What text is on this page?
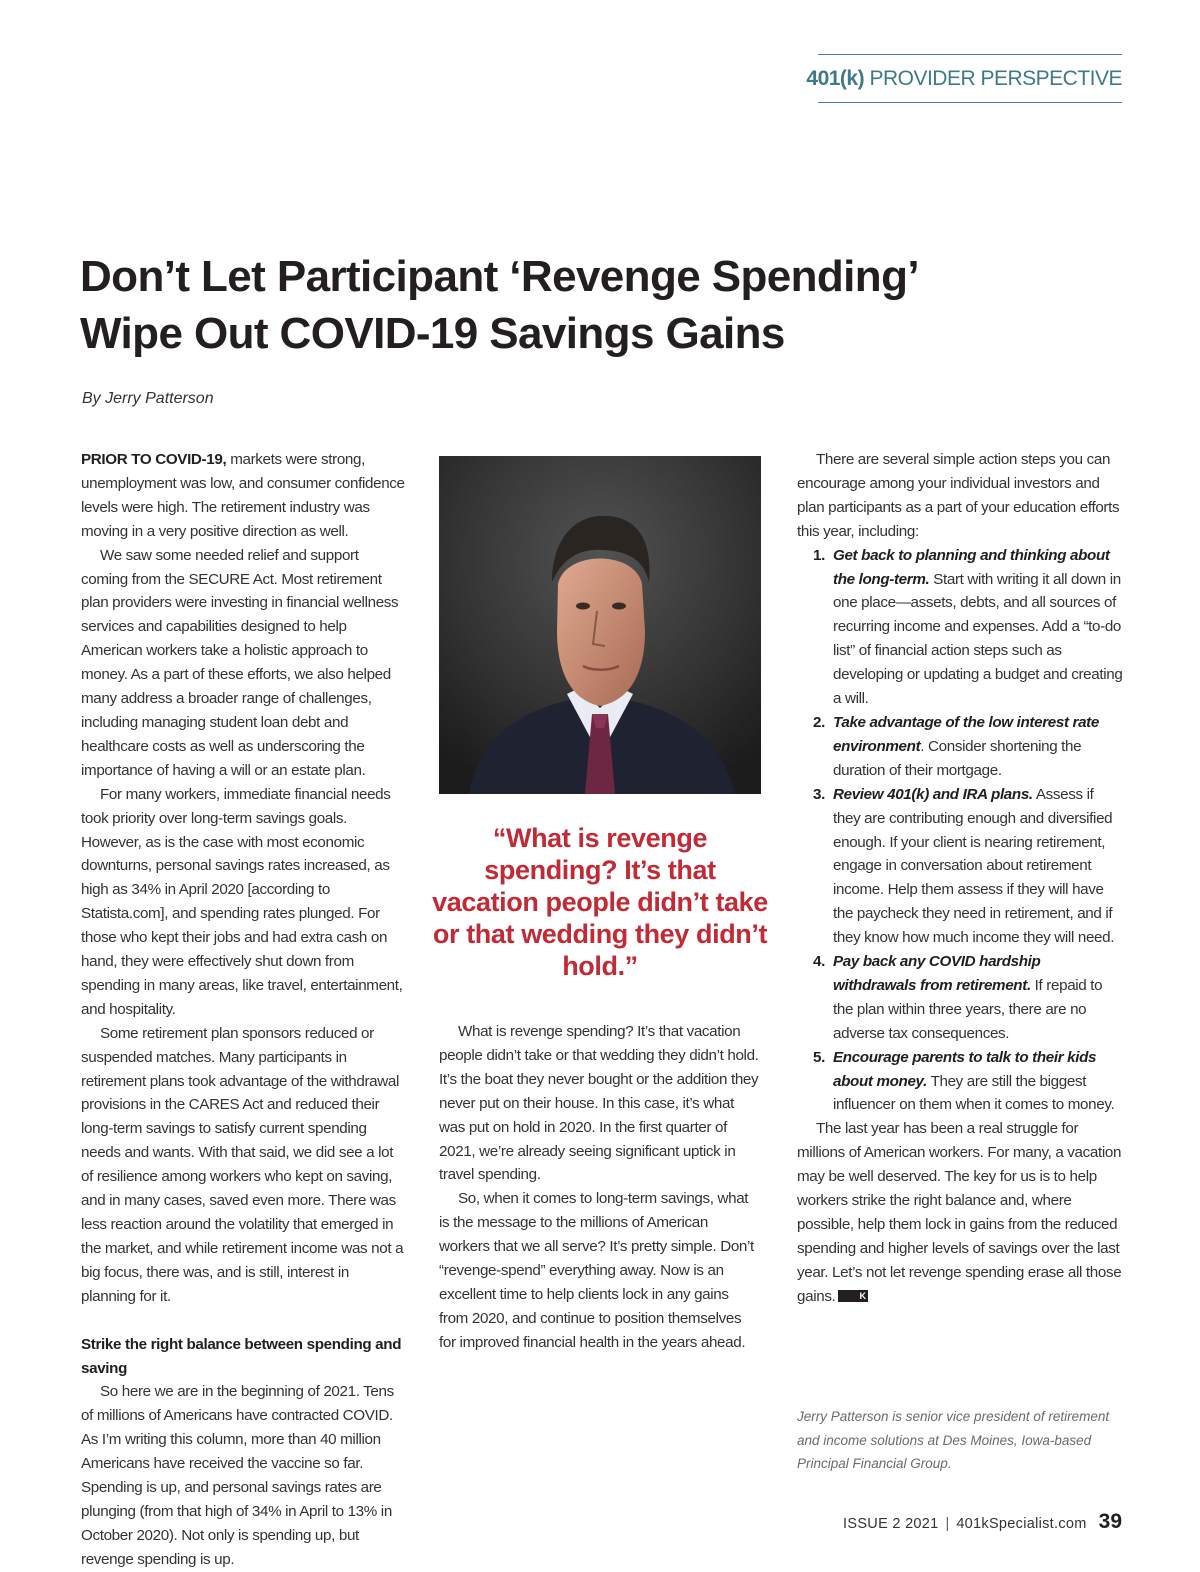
401(k) PROVIDER PERSPECTIVE
Don’t Let Participant ‘Revenge Spending’
Wipe Out COVID-19 Savings Gains
By Jerry Patterson

PRIOR TO COVID-19, markets were strong, unemployment was low, and consumer confidence levels were high. The retirement industry was moving in a very positive direction as well.

We saw some needed relief and support coming from the SECURE Act. Most retirement plan providers were investing in financial wellness services and capabilities designed to help American workers take a holistic approach to money. As a part of these efforts, we also helped many address a broader range of challenges, including managing student loan debt and healthcare costs as well as underscoring the importance of having a will or an estate plan.

For many workers, immediate financial needs took priority over long-term savings goals. However, as is the case with most economic downturns, personal savings rates increased, as high as 34% in April 2020 [according to Statista.com], and spending rates plunged. For those who kept their jobs and had extra cash on hand, they were effectively shut down from spending in many areas, like travel, entertainment, and hospitality.

Some retirement plan sponsors reduced or suspended matches. Many participants in retirement plans took advantage of the withdrawal provisions in the CARES Act and reduced their long-term savings to satisfy current spending needs and wants. With that said, we did see a lot of resilience among workers who kept on saving, and in many cases, saved even more. There was less reaction around the volatility that emerged in the market, and while retirement income was not a big focus, there was, and is still, interest in planning for it.

Strike the right balance between spending and saving

So here we are in the beginning of 2021. Tens of millions of Americans have contracted COVID. As I’m writing this column, more than 40 million Americans have received the vaccine so far. Spending is up, and personal savings rates are plunging (from that high of 34% in April to 13% in October 2020). Not only is spending up, but revenge spending is up.

“What is revenge spending? It’s that vacation people didn’t take or that wedding they didn’t hold.”

What is revenge spending? It’s that vacation people didn’t take or that wedding they didn’t hold. It’s the boat they never bought or the addition they never put on their house. In this case, it’s what was put on hold in 2020. In the first quarter of 2021, we’re already seeing significant uptick in travel spending.

So, when it comes to long-term savings, what is the message to the millions of American workers that we all serve? It’s pretty simple. Don’t “revenge-spend” everything away. Now is an excellent time to help clients lock in any gains from 2020, and continue to position themselves for improved financial health in the years ahead.

There are several simple action steps you can encourage among your individual investors and plan participants as a part of your education efforts this year, including:

1. Get back to planning and thinking about the long-term. Start with writing it all down in one place—assets, debts, and all sources of recurring income and expenses. Add a “to-do list” of financial action steps such as developing or updating a budget and creating a will.
2. Take advantage of the low interest rate environment. Consider shortening the duration of their mortgage.
3. Review 401(k) and IRA plans. Assess if they are contributing enough and diversified enough. If your client is nearing retirement, engage in conversation about retirement income. Help them assess if they will have the paycheck they need in retirement, and if they know how much income they will need.
4. Pay back any COVID hardship withdrawals from retirement. If repaid to the plan within three years, there are no adverse tax consequences.
5. Encourage parents to talk to their kids about money. They are still the biggest influencer on them when it comes to money.

The last year has been a real struggle for millions of American workers. For many, a vacation may be well deserved. The key for us is to help workers strike the right balance and, where possible, help them lock in gains from the reduced spending and higher levels of savings over the last year. Let’s not let revenge spending erase all those gains.	K

Jerry Patterson is senior vice president of retirement and income solutions at Des Moines, Iowa-based Principal Financial Group.

ISSUE 2 2021 | 401kSpecialist.com 39
